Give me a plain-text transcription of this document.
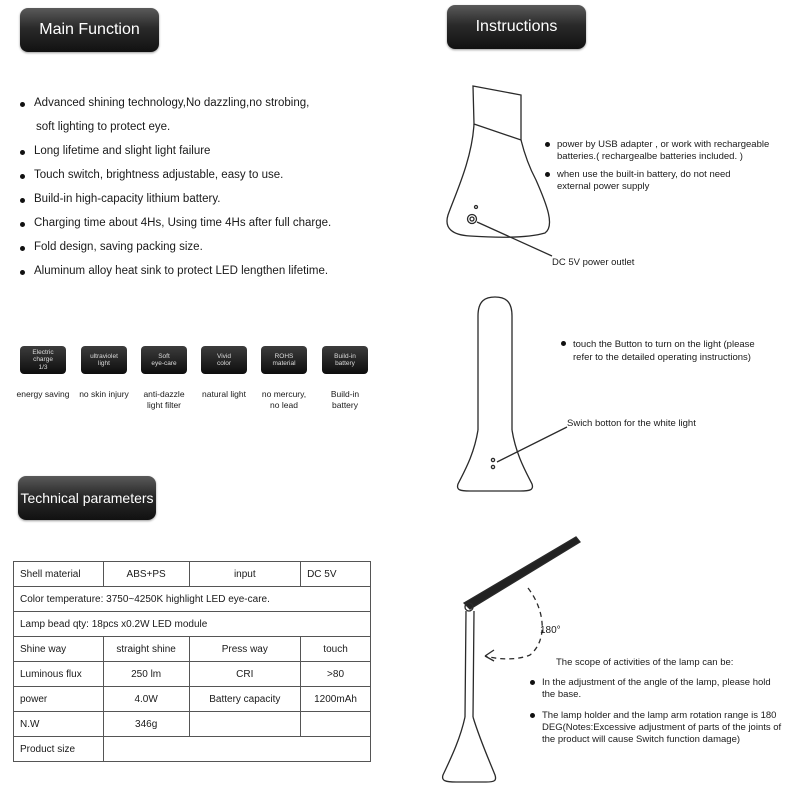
Main Function	Instructions
Technical parameters
Advanced shining technology,No dazzling,no strobing,
soft lighting to protect eye.
Long lifetime and slight light failure
Touch switch, brightness adjustable, easy to use.
Build-in high-capacity lithium battery.
Charging time about 4Hs, Using time 4Hs after full charge.
Fold design, saving packing size.
Aluminum alloy heat sink to protect LED lengthen lifetime.
Electric
charge
1/3
ultraviolet
light
Soft
eye-care
Vivid
color
ROHS
material
Build-in
battery
energy saving	no skin injury	anti-dazzle
light filter
natural light	no mercury,
no lead
Build-in
battery
Shell material	ABS+PS	input	DC 5V
Color temperature: 3750~4250K highlight LED eye-care.			
Lamp bead qty: 18pcs x0.2W LED module			
Shine way	straight shine	Press way	touch
Luminous flux	250 lm	CRI	>80
power	4.0W	Battery capacity	1200mAh
N.W	346g		
Product size			
power by USB adapter , or work with rechargeable batteries.( rechargealbe batteries included. )
when use the built-in battery, do not need external power supply
DC 5V power outlet
touch the Button to turn on the light (please refer to the detailed operating instructions)
Swich botton for the white light
180°
The scope of activities of the lamp can be:
In the adjustment of the angle of the lamp, please hold the base.
The lamp holder and the lamp arm rotation range is 180 DEG(Notes:Excessive adjustment of parts of the joints of the product will cause Switch function damage)
